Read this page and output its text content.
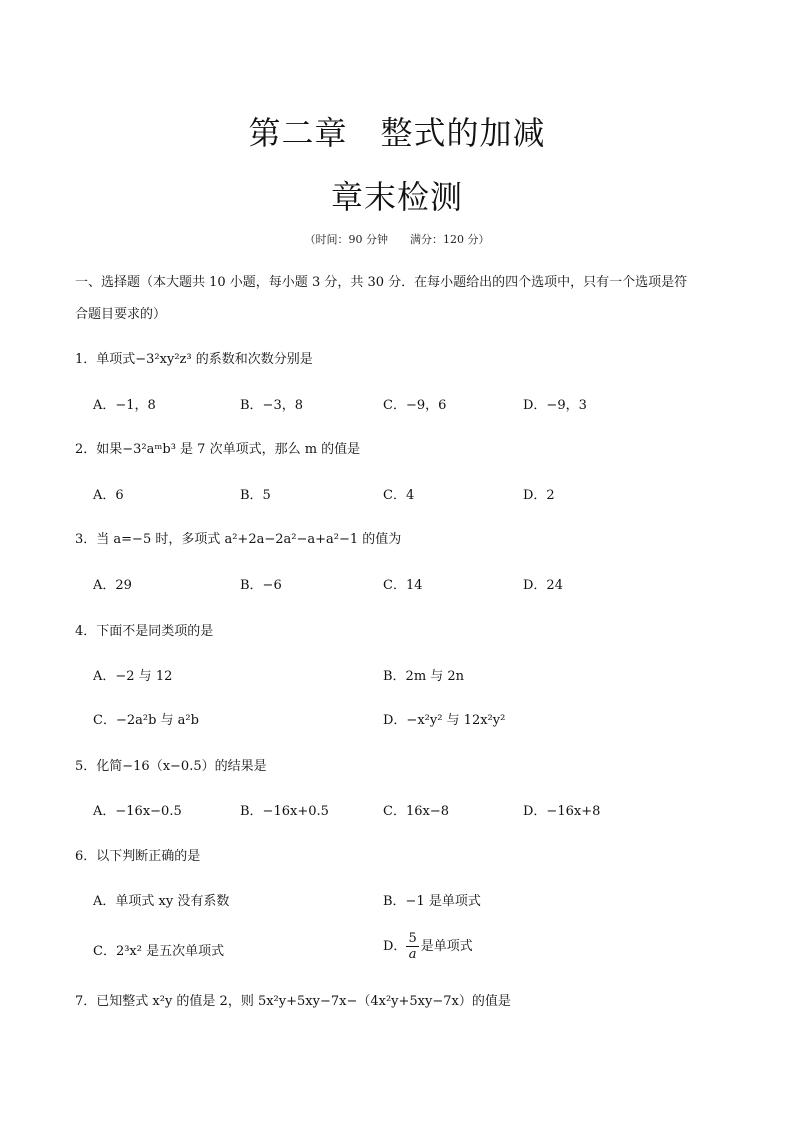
第二章　整式的加减
章末检测
（时间：90 分钟　　满分：120 分）
一、选择题（本大题共 10 小题，每小题 3 分，共 30 分．在每小题给出的四个选项中，只有一个选项是符
合题目要求的）
1．单项式−3²xy²z³ 的系数和次数分别是
A．−1，8	B．−3，8	C．−9，6	D．−9，3
2．如果−3²aᵐb³ 是 7 次单项式，那么 m 的值是
A．6	B．5	C．4	D．2
3．当 a=−5 时，多项式 a²+2a−2a²−a+a²−1 的值为
A．29	B．−6	C．14	D．24
4．下面不是同类项的是
A．−2 与 12	B．2m 与 2n
C．−2a²b 与 a²b	D．−x²y² 与 12x²y²
5．化简−16（x−0.5）的结果是
A．−16x−0.5	B．−16x+0.5	C．16x−8	D．−16x+8
6．以下判断正确的是
A．单项式 xy 没有系数	B．−1 是单项式
C．2³x² 是五次单项式	D． $\frac{5}{a}$ 是单项式
7．已知整式 x²y 的值是 2，则 5x²y+5xy−7x−（4x²y+5xy−7x）的值是
